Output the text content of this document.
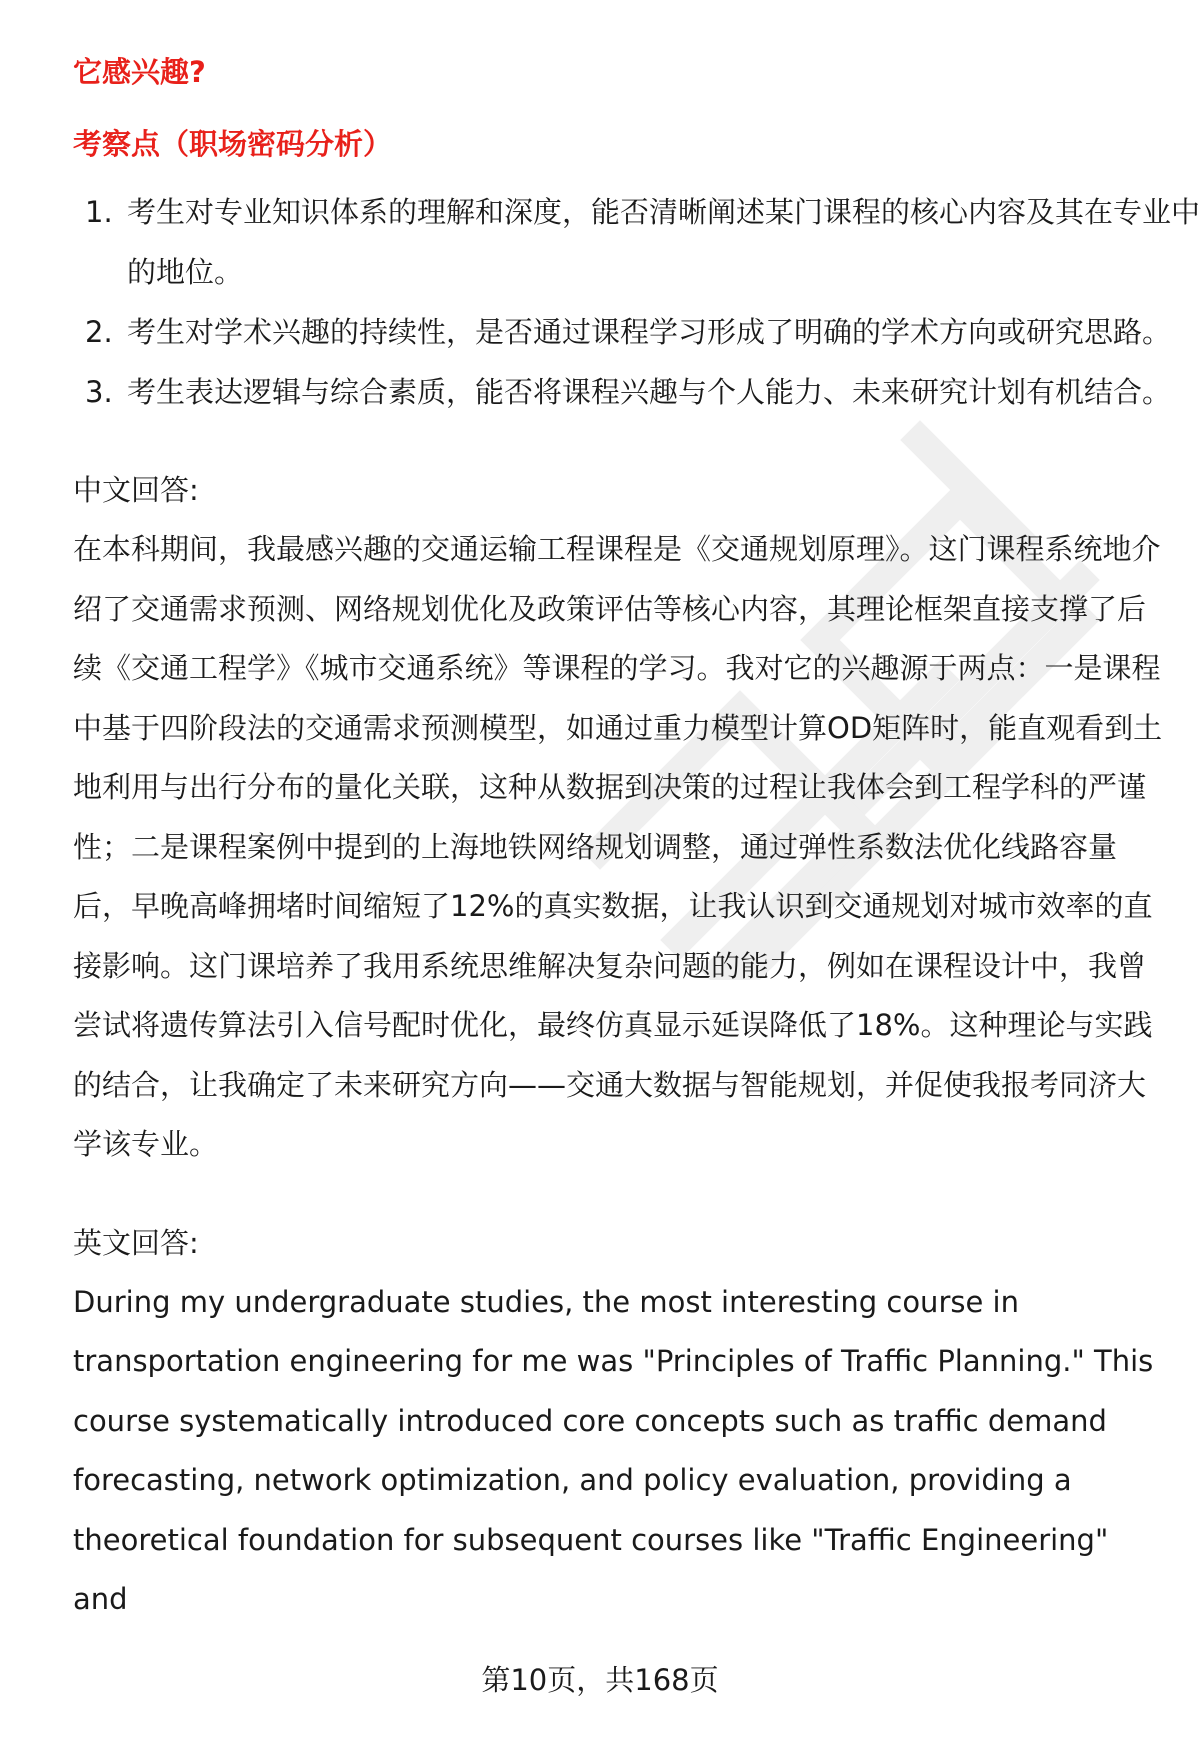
它感兴趣?

考察点（职场密码分析）

1. 考生对专业知识体系的理解和深度，能否清晰阐述某门课程的核心内容及其在专业中的地位。
2. 考生对学术兴趣的持续性，是否通过课程学习形成了明确的学术方向或研究思路。
3. 考生表达逻辑与综合素质，能否将课程兴趣与个人能力、未来研究计划有机结合。

中文回答:

在本科期间，我最感兴趣的交通运输工程课程是《交通规划原理》。这门课程系统地介绍了交通需求预测、网络规划优化及政策评估等核心内容，其理论框架直接支撑了后续《交通工程学》《城市交通系统》等课程的学习。我对它的兴趣源于两点：一是课程中基于四阶段法的交通需求预测模型，如通过重力模型计算OD矩阵时，能直观看到土地利用与出行分布的量化关联，这种从数据到决策的过程让我体会到工程学科的严谨性；二是课程案例中提到的上海地铁网络规划调整，通过弹性系数法优化线路容量后，早晚高峰拥堵时间缩短了12%的真实数据，让我认识到交通规划对城市效率的直接影响。这门课培养了我用系统思维解决复杂问题的能力，例如在课程设计中，我曾尝试将遗传算法引入信号配时优化，最终仿真显示延误降低了18%。这种理论与实践的结合，让我确定了未来研究方向——交通大数据与智能规划，并促使我报考同济大学该专业。

英文回答:

During my undergraduate studies, the most interesting course in transportation engineering for me was "Principles of Traffic Planning." This course systematically introduced core concepts such as traffic demand forecasting, network optimization, and policy evaluation, providing a theoretical foundation for subsequent courses like "Traffic Engineering" and

第10页，共168页
